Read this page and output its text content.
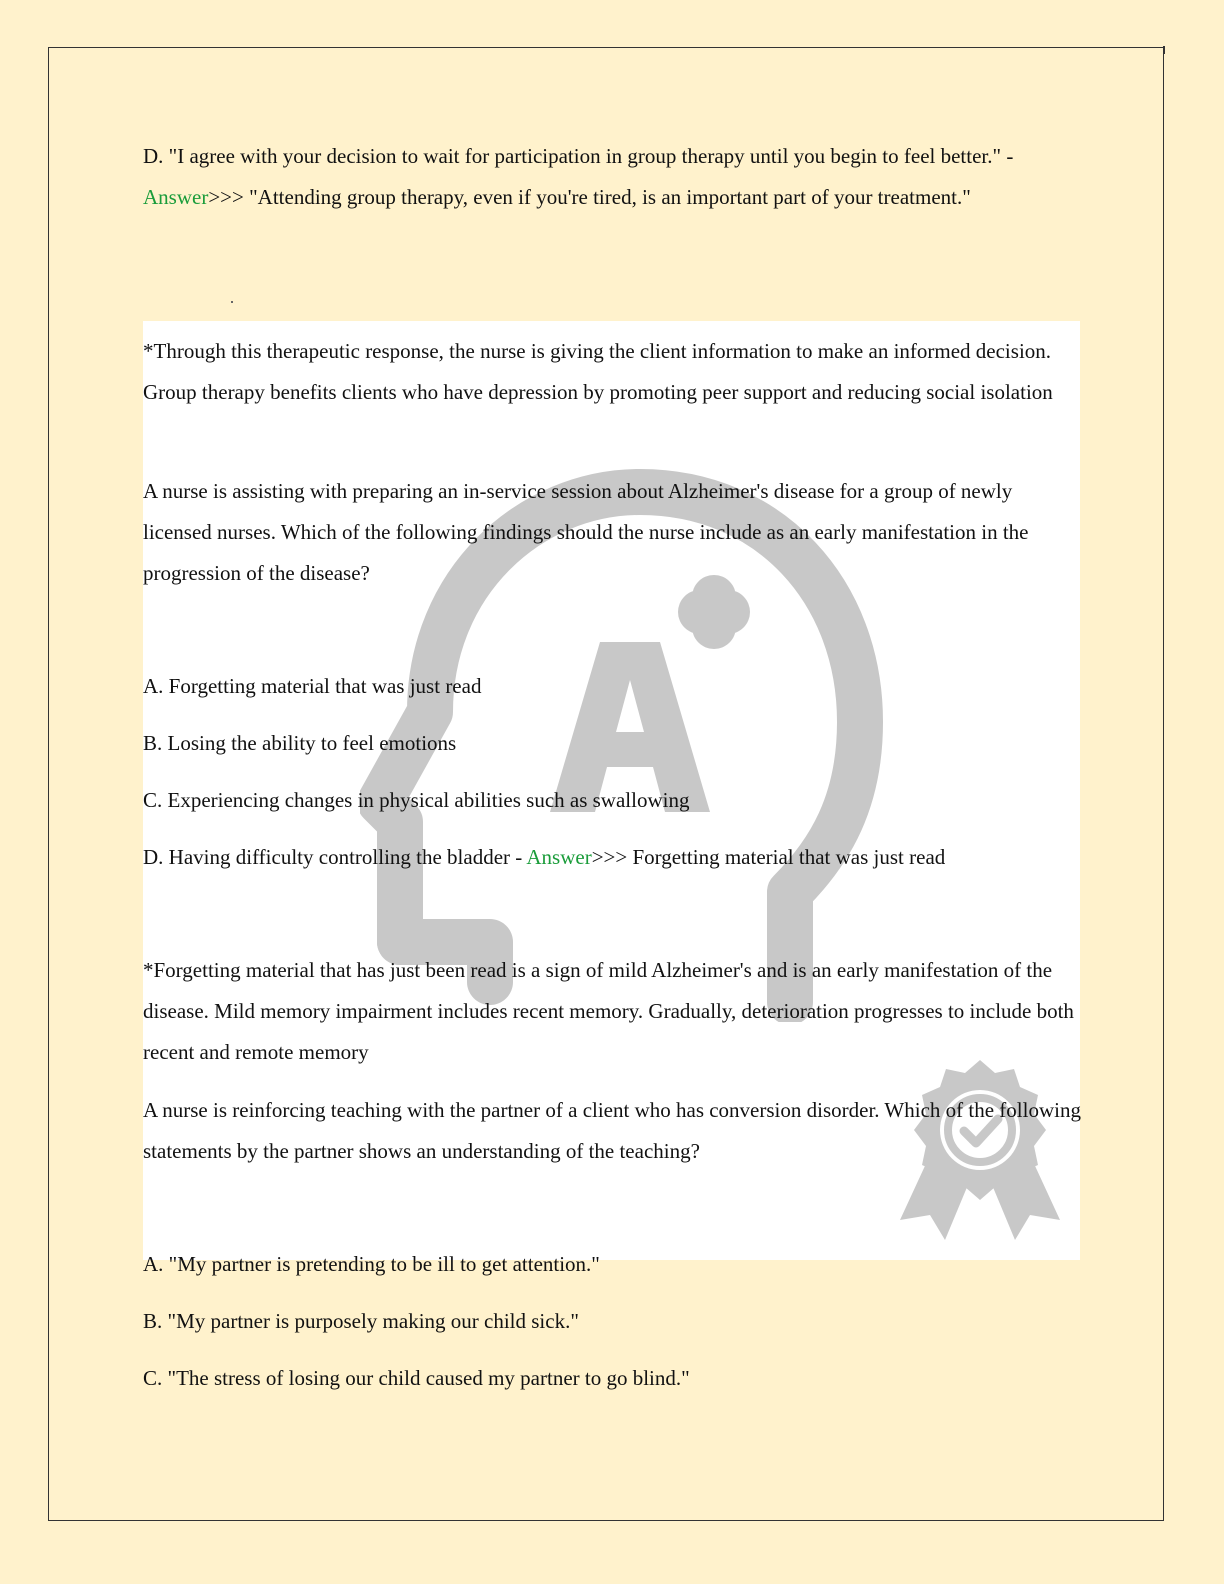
D. "I agree with your decision to wait for participation in group therapy until you begin to feel better." - Answer>>> "Attending group therapy, even if you're tired, is an important part of your treatment."

*Through this therapeutic response, the nurse is giving the client information to make an informed decision. Group therapy benefits clients who have depression by promoting peer support and reducing social isolation

A nurse is assisting with preparing an in-service session about Alzheimer's disease for a group of newly licensed nurses. Which of the following findings should the nurse include as an early manifestation in the progression of the disease?

A. Forgetting material that was just read

B. Losing the ability to feel emotions

C. Experiencing changes in physical abilities such as swallowing

D. Having difficulty controlling the bladder - Answer>>> Forgetting material that was just read

*Forgetting material that has just been read is a sign of mild Alzheimer's and is an early manifestation of the disease. Mild memory impairment includes recent memory. Gradually, deterioration progresses to include both recent and remote memory

A nurse is reinforcing teaching with the partner of a client who has conversion disorder. Which of the following statements by the partner shows an understanding of the teaching?

A. "My partner is pretending to be ill to get attention."

B. "My partner is purposely making our child sick."

C. "The stress of losing our child caused my partner to go blind."
